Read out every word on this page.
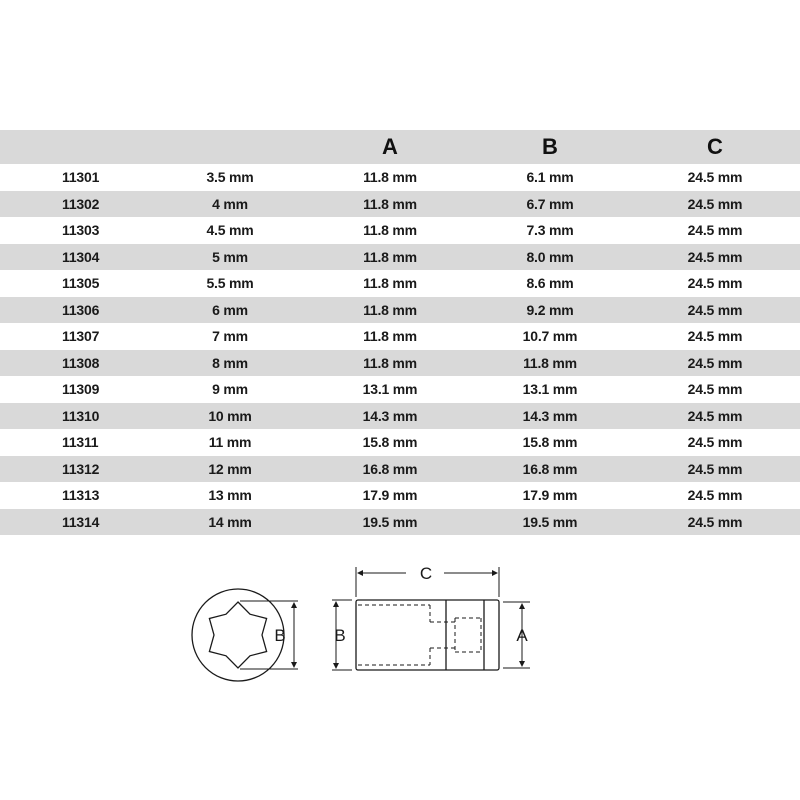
		A	B	C
11301	3.5 mm	11.8 mm	6.1 mm	24.5 mm
11302	4 mm	11.8 mm	6.7 mm	24.5 mm
11303	4.5 mm	11.8 mm	7.3 mm	24.5 mm
11304	5 mm	11.8 mm	8.0 mm	24.5 mm
11305	5.5 mm	11.8 mm	8.6 mm	24.5 mm
11306	6 mm	11.8 mm	9.2 mm	24.5 mm
11307	7 mm	11.8 mm	10.7 mm	24.5 mm
11308	8 mm	11.8 mm	11.8 mm	24.5 mm
11309	9 mm	13.1 mm	13.1 mm	24.5 mm
11310	10 mm	14.3 mm	14.3 mm	24.5 mm
11311	11 mm	15.8 mm	15.8 mm	24.5 mm
11312	12 mm	16.8 mm	16.8 mm	24.5 mm
11313	13 mm	17.9 mm	17.9 mm	24.5 mm
11314	14 mm	19.5 mm	19.5 mm	24.5 mm
B
C
B	A
